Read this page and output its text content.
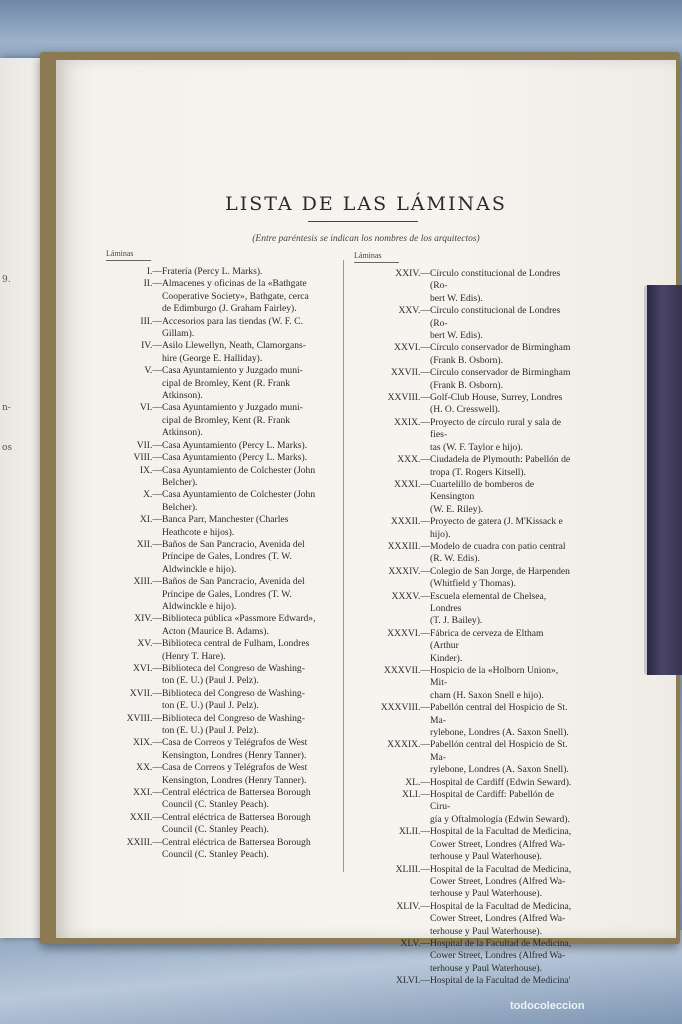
9.
n-
os
LISTA DE LAS LÁMINAS
(Entre paréntesis se indican los nombres de los arquitectos)
Láminas	Láminas
I.— Fratería (Percy L. Marks).
II.— Almacenes y oficinas de la «Bathgate
Cooperative Society», Bathgate, cerca
de Edimburgo (J. Graham Fairley).
III.— Accesorios para las tiendas (W. F. C.
Gillam).
IV.— Asilo Llewellyn, Neath, Clamorgans-
hire (George E. Halliday).
V.— Casa Ayuntamiento y Juzgado muni-
cipal de Bromley, Kent (R. Frank
Atkinson).
VI.— Casa Ayuntamiento y Juzgado muni-
cipal de Bromley, Kent (R. Frank
Atkinson).
VII.— Casa Ayuntamiento (Percy L. Marks).
VIII.— Casa Ayuntamiento (Percy L. Marks).
IX.— Casa Ayuntamiento de Colchester (John
Belcher).
X.— Casa Ayuntamiento de Colchester (John
Belcher).
XI.— Banca Parr, Manchester (Charles
Heathcote e hijos).
XII.— Baños de San Pancracio, Avenida del
Príncipe de Gales, Londres (T. W.
Aldwinckle e hijo).
XIII.— Baños de San Pancracio, Avenida del
Príncipe de Gales, Londres (T. W.
Aldwinckle e hijo).
XIV.— Biblioteca pública «Passmore Edward»,
Acton (Maurice B. Adams).
XV.— Biblioteca central de Fulham, Londres
(Henry T. Hare).
XVI.— Biblioteca del Congreso de Washing-
ton (E. U.) (Paul J. Pelz).
XVII.— Biblioteca del Congreso de Washing-
ton (E. U.) (Paul J. Pelz).
XVIII.— Biblioteca del Congreso de Washing-
ton (E. U.) (Paul J. Pelz).
XIX.— Casa de Correos y Telégrafos de West
Kensington, Londres (Henry Tanner).
XX.— Casa de Correos y Telégrafos de West
Kensington, Londres (Henry Tanner).
XXI.— Central eléctrica de Battersea Borough
Council (C. Stanley Peach).
XXII.— Central eléctrica de Battersea Borough
Council (C. Stanley Peach).
XXIII.— Central eléctrica de Battersea Borough
Council (C. Stanley Peach).
XXIV.— Círculo constitucional de Londres (Ro-
bert W. Edis).
XXV.— Círculo constitucional de Londres (Ro-
bert W. Edis).
XXVI.— Círculo conservador de Birmingham
(Frank B. Osborn).
XXVII.— Círculo conservador de Birmingham
(Frank B. Osborn).
XXVIII.— Golf-Club House, Surrey, Londres
(H. O. Cresswell).
XXIX.— Proyecto de círculo rural y sala de fies-
tas (W. F. Taylor e hijo).
XXX.— Ciudadela de Plymouth: Pabellón de
tropa (T. Rogers Kitsell).
XXXI.— Cuartelillo de bomberos de Kensington
(W. E. Riley).
XXXII.— Proyecto de gatera (J. M'Kissack e
hijo).
XXXIII.— Modelo de cuadra con patio central
(R. W. Edis).
XXXIV.— Colegio de San Jorge, de Harpenden
(Whitfield y Thomas).
XXXV.— Escuela elemental de Chelsea, Londres
(T. J. Bailey).
XXXVI.— Fábrica de cerveza de Eltham (Arthur
Kinder).
XXXVII.— Hospicio de la «Holborn Union», Mit-
cham (H. Saxon Snell e hijo).
XXXVIII.— Pabellón central del Hospicio de St. Ma-
rylebone, Londres (A. Saxon Snell).
XXXIX.— Pabellón central del Hospicio de St. Ma-
rylebone, Londres (A. Saxon Snell).
XL.— Hospital de Cardiff (Edwin Seward).
XLI.— Hospital de Cardiff: Pabellón de Ciru-
gía y Oftalmología (Edwin Seward).
XLII.— Hospital de la Facultad de Medicina,
Cower Street, Londres (Alfred Wa-
terhouse y Paul Waterhouse).
XLIII.— Hospital de la Facultad de Medicina,
Cower Street, Londres (Alfred Wa-
terhouse y Paul Waterhouse).
XLIV.— Hospital de la Facultad de Medicina,
Cower Street, Londres (Alfred Wa-
terhouse y Paul Waterhouse).
XLV.— Hospital de la Facultad de Medicina,
Cower Street, Londres (Alfred Wa-
terhouse y Paul Waterhouse).
XLVI.— Hospital de la Facultad de Medicina'
todocoleccion
